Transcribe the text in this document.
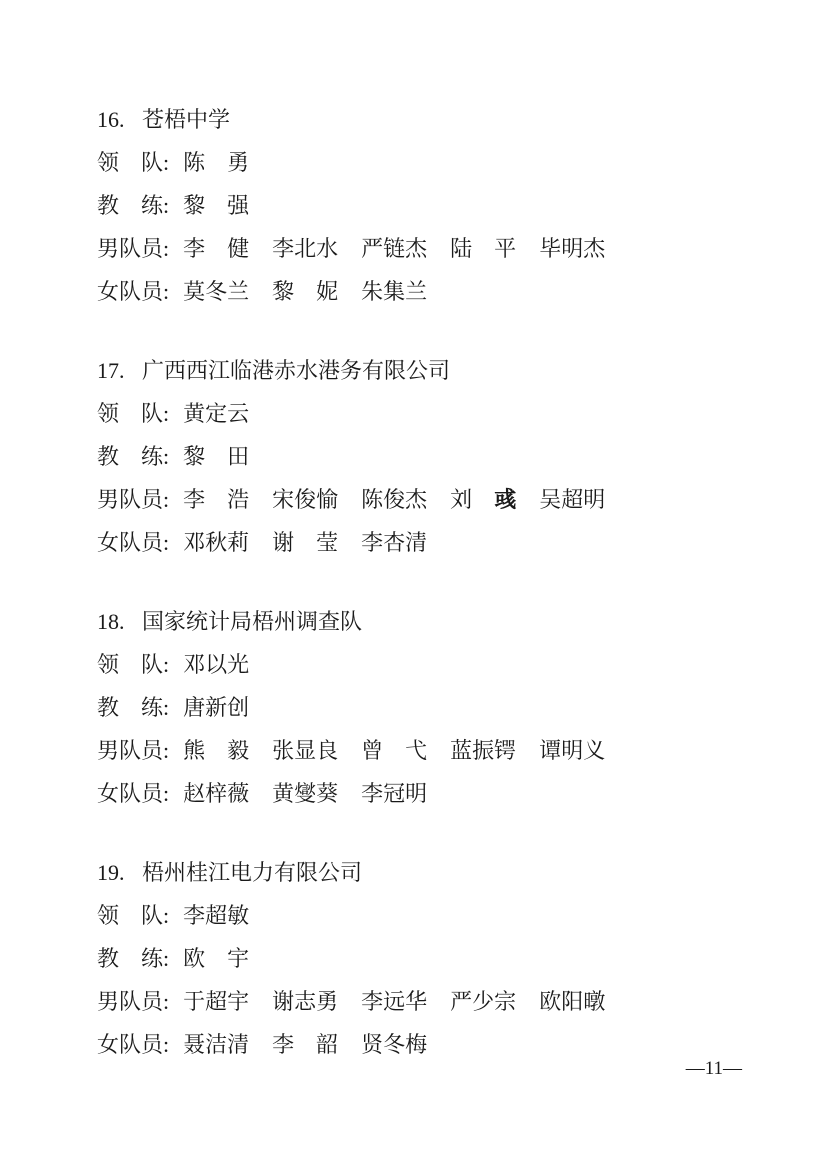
16. 苍梧中学
领　队: 陈　勇
教　练: 黎　强
男队员: 李　健 李北水 严链杰 陆　平 毕明杰
女队员: 莫冬兰 黎　妮 朱集兰
17. 广西西江临港赤水港务有限公司
领　队: 黄定云
教　练: 黎　田
男队员: 李　浩 宋俊愉 陈俊杰 刘　彧 吴超明
女队员: 邓秋莉 谢　莹 李杏清
18. 国家统计局梧州调查队
领　队: 邓以光
教　练: 唐新创
男队员: 熊　毅 张显良 曾　弋 蓝振锷 谭明义
女队员: 赵梓薇 黄燮葵 李冠明
19. 梧州桂江电力有限公司
领　队: 李超敏
教　练: 欧　宇
男队员: 于超宇 谢志勇 李远华 严少宗 欧阳暾
女队员: 聂洁清 李　韶 贤冬梅
—11—
